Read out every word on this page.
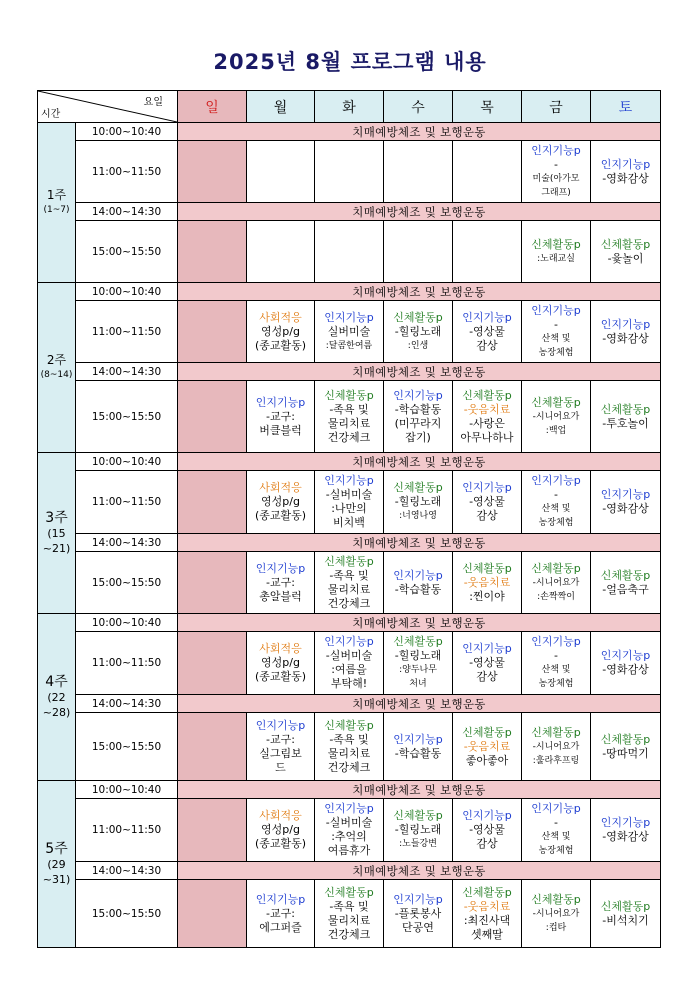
2025년 8월 프로그램 내용
요일
시간		일	월	화	수	목	금	토

1주
(1~7)	10:00~10:40	치매예방체조 및 보행운동						
	11:00~11:50						인지기능p
-
미술(아가모
그래프)	인지기능p
-영화감상

	14:00~14:30	치매예방체조 및 보행운동						
	15:00~15:50						신체활동p
:노래교실	신체활동p
-윷놀이

2주
(8~14)	10:00~10:40	치매예방체조 및 보행운동						
	11:00~11:50		사회적응
영성p/g
(종교활동)	인지기능p
실버미술
:달콤한여름	신체활동p
-힐링노래
:인생	인지기능p
-영상물
감상	인지기능p
-
산책 및
농장체험	인지기능p
-영화감상

	14:00~14:30	치매예방체조 및 보행운동						
	15:00~15:50		인지기능p
-교구:
버클블럭	신체활동p
-족욕 및
물리치료
건강체크	인지기능p
-학습활동
(미꾸라지
잡기)	신체활동p
-웃음치료
-사랑은
아무나하나	신체활동p
-시니어요가
:백업	신체활동p
-투호놀이

3주
(15 ~21)	10:00~10:40	치매예방체조 및 보행운동						
	11:00~11:50		사회적응
영성p/g
(종교활동)	인지기능p
-실버미술
:나만의
비치백	신체활동p
-힐링노래
:너영나영	인지기능p
-영상물
감상	인지기능p
-
산책 및
농장체험	인지기능p
-영화감상

	14:00~14:30	치매예방체조 및 보행운동						
	15:00~15:50		인지기능p
-교구:
총알블럭	신체활동p
-족욕 및
물리치료
건강체크	인지기능p
-학습활동	신체활동p
-웃음치료
:찐이야	신체활동p
-시니어요가
:손짝짝이	신체활동p
-얼음축구

4주
(22 ~28)	10:00~10:40	치매예방체조 및 보행운동						
	11:00~11:50		사회적응
영성p/g
(종교활동)	인지기능p
-실버미술
:여름을
부탁해!	신체활동p
-힐링노래
:양두나무
처녀	인지기능p
-영상물
감상	인지기능p
-
산책 및
농장체험	인지기능p
-영화감상

	14:00~14:30	치매예방체조 및 보행운동						
	15:00~15:50		인지기능p
-교구:
실그림보
드	신체활동p
-족욕 및
물리치료
건강체크	인지기능p
-학습활동	신체활동p
-웃음치료
좋아좋아	신체활동p
-시니어요가
:훌라후프링	신체활동p
-땅따먹기

5주
(29 ~31)	10:00~10:40	치매예방체조 및 보행운동						
	11:00~11:50		사회적응
영성p/g
(종교활동)	인지기능p
-실버미술
:추억의
여름휴가	신체활동p
-힐링노래
:노들강변	인지기능p
-영상물
감상	인지기능p
-
산책 및
농장체험	인지기능p
-영화감상

	14:00~14:30	치매예방체조 및 보행운동						
	15:00~15:50		인지기능p
-교구:
에그퍼즐	신체활동p
-족욕 및
물리치료
건강체크	인지기능p
-플롯봉사
단공연	신체활동p
-웃음치료
:최진사댁
셋째딸	신체활동p
-시니어요가
:컵타	신체활동p
-비석치기
